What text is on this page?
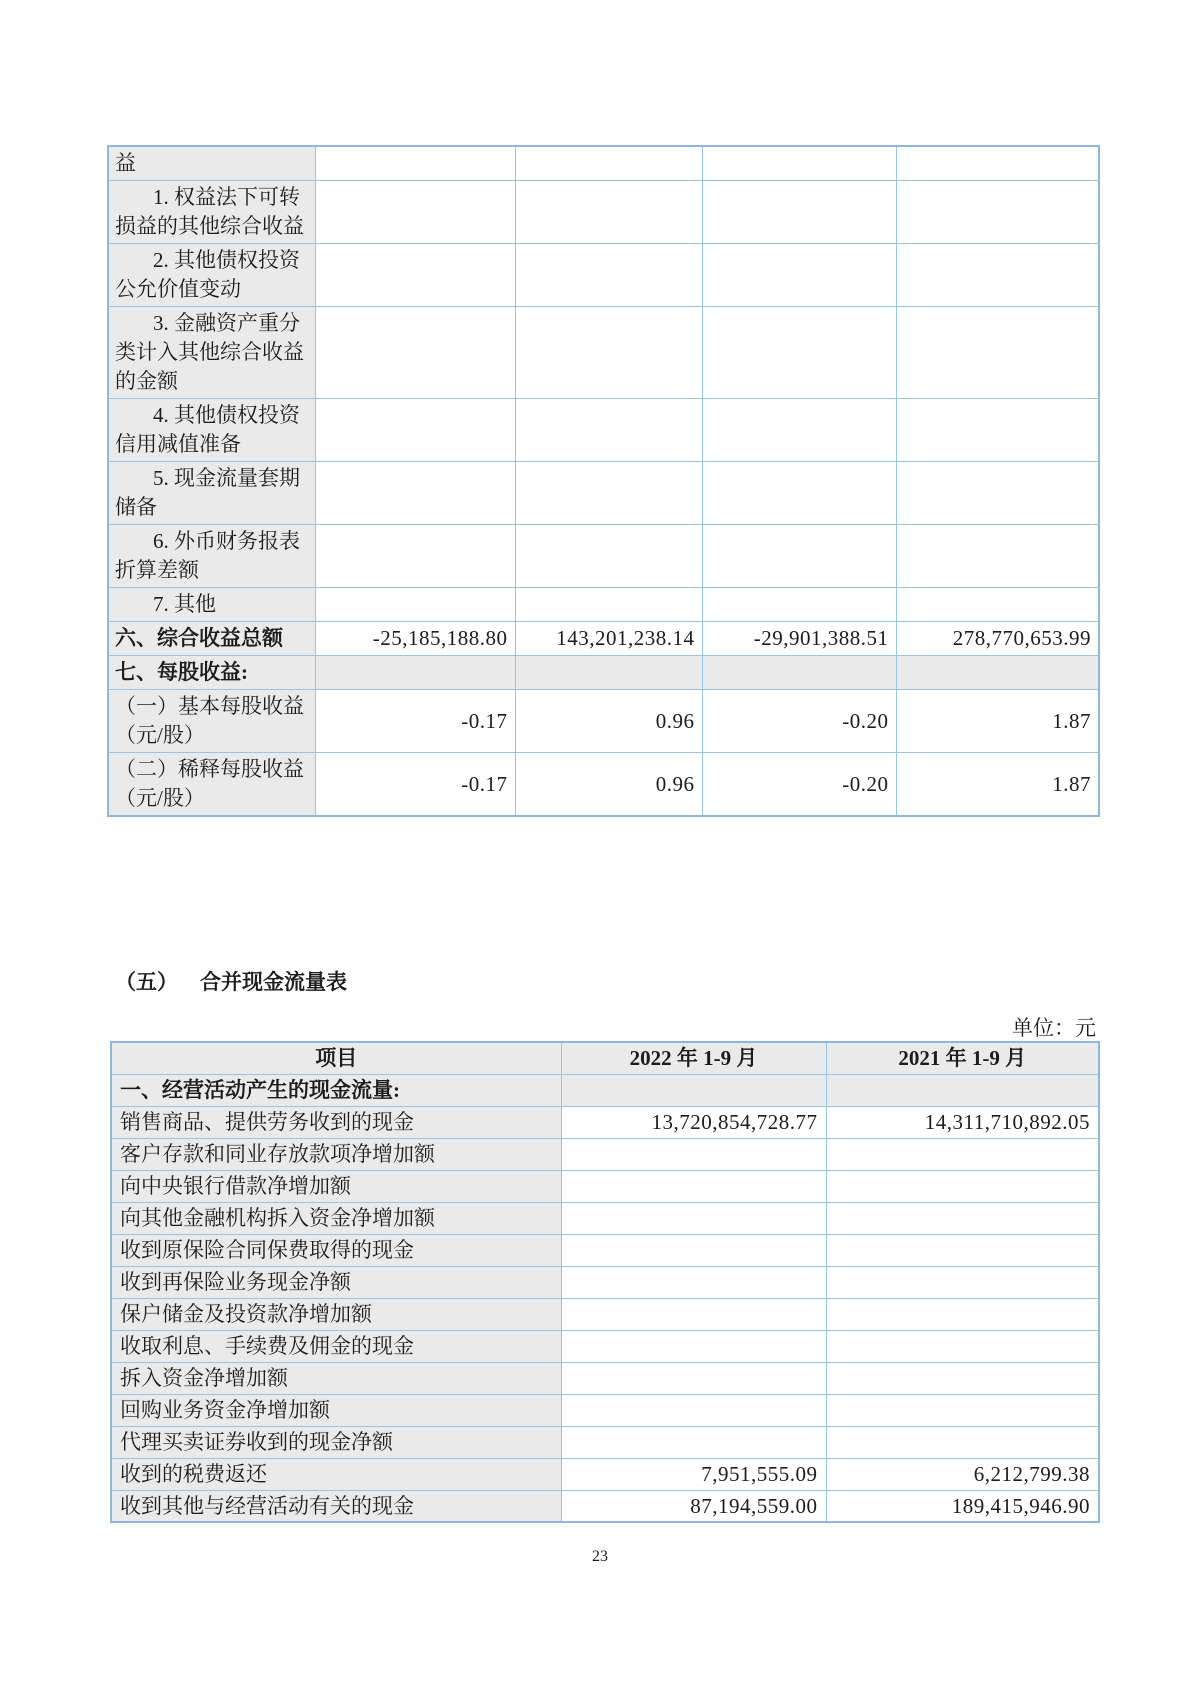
益				
1. 权益法下可转损益的其他综合收益				
2. 其他债权投资公允价值变动				
3. 金融资产重分类计入其他综合收益的金额				
4. 其他债权投资信用减值准备				
5. 现金流量套期储备				
6. 外币财务报表折算差额				
7. 其他				
六、综合收益总额	-25,185,188.80	143,201,238.14	-29,901,388.51	278,770,653.99
七、每股收益:				
（一）基本每股收益（元/股）	-0.17	0.96	-0.20	1.87
（二）稀释每股收益（元/股）	-0.17	0.96	-0.20	1.87
（五） 合并现金流量表
单位：元
项目	2022 年 1-9 月	2021 年 1-9 月
一、经营活动产生的现金流量:		
销售商品、提供劳务收到的现金	13,720,854,728.77	14,311,710,892.05
客户存款和同业存放款项净增加额		
向中央银行借款净增加额		
向其他金融机构拆入资金净增加额		
收到原保险合同保费取得的现金		
收到再保险业务现金净额		
保户储金及投资款净增加额		
收取利息、手续费及佣金的现金		
拆入资金净增加额		
回购业务资金净增加额		
代理买卖证券收到的现金净额		
收到的税费返还	7,951,555.09	6,212,799.38
收到其他与经营活动有关的现金	87,194,559.00	189,415,946.90
23
